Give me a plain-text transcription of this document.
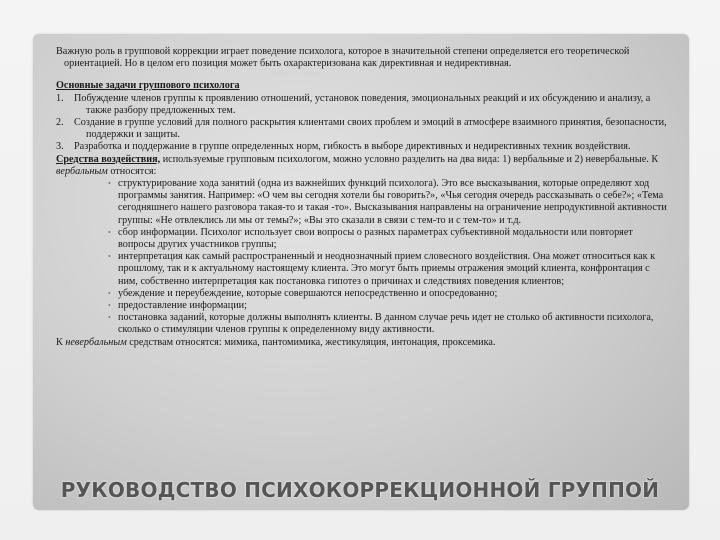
Важную роль в групповой коррекции играет поведение психолога, которое в значительной степени определяется его теоретической ориентацией. Но в целом его позиция может быть охарактеризована как директивная и недирективная.

Основные задачи группового психолога

1.	Побуждение членов группы к проявлению отношений, установок поведения, эмоциональных реакций и их обсуждению и анализу, а также разбору предложенных тем.
2.	Создание в группе условий для полного раскрытия клиентами своих проблем и эмоций в атмосфере взаимного принятия, безопасности, поддержки и защиты.
3.	Разработка и поддержание в группе определенных норм, гибкость в выборе директивных и недирективных техник воздействия.

Средства воздействия, используемые групповым психологом, можно условно разделить на два вида: 1) вербальные и 2) невербальные. К вербальным относятся:

• структурирование хода занятий (одна из важнейших функций психолога). Это все высказывания, которые определяют ход программы занятия. Например: «О чем вы сегодня хотели бы говорить?», «Чья сегодня очередь рассказывать о себе?»; «Тема сегодняшнего нашего разговора такая-то и такая -то». Высказывания направлены на ограничение непродуктивной активности группы: «Не отвлеклись ли мы от темы?»; «Вы это сказали в связи с тем-то и с тем-то» и т.д.
• сбор информации. Психолог использует свои вопросы о разных параметрах субъективной модальности или повторяет вопросы других участников группы;
• интерпретация как самый распространенный и неоднозначный прием словесного воздействия. Она может относиться как к прошлому, так и к актуальному настоящему клиента. Это могут быть приемы отражения эмоций клиента, конфронтация с ним, собственно интерпретация как постановка гипотез о причинах и следствиях поведения клиентов;
• убеждение и переубеждение, которые совершаются непосредственно и опосредованно;
• предоставление информации;
• постановка заданий, которые должны выполнять клиенты. В данном случае речь идет не столько об активности психолога, сколько о стимуляции членов группы к определенному виду активности.

К невербальным средствам относятся: мимика, пантомимика, жестикуляция, интонация, проксемика.

РУКОВОДСТВО ПСИХОКОРРЕКЦИОННОЙ ГРУППОЙ
